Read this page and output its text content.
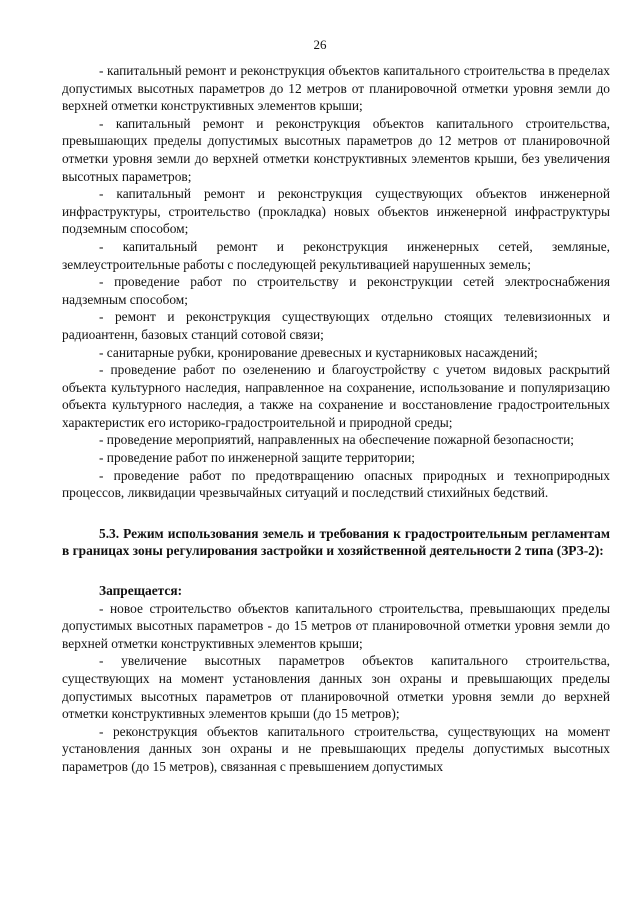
26

- капитальный ремонт и реконструкция объектов капитального строительства в пределах допустимых высотных параметров до 12 метров от планировочной отметки уровня земли до верхней отметки конструктивных элементов крыши;

- капитальный ремонт и реконструкция объектов капитального строительства, превышающих пределы допустимых высотных параметров до 12 метров от планировочной отметки уровня земли до верхней отметки конструктивных элементов крыши, без увеличения высотных параметров;

- капитальный ремонт и реконструкция существующих объектов инженерной инфраструктуры, строительство (прокладка) новых объектов инженерной инфраструктуры подземным способом;

- капитальный ремонт и реконструкция инженерных сетей, земляные, землеустроительные работы с последующей рекультивацией нарушенных земель;

- проведение работ по строительству и реконструкции сетей электроснабжения надземным способом;

- ремонт и реконструкция существующих отдельно стоящих телевизионных и радиоантенн, базовых станций сотовой связи;

- санитарные рубки, кронирование древесных и кустарниковых насаждений;

- проведение работ по озеленению и благоустройству с учетом видовых раскрытий объекта культурного наследия, направленное на сохранение, использование и популяризацию объекта культурного наследия, а также на сохранение и восстановление градостроительных характеристик его историко-градостроительной и природной среды;

- проведение мероприятий, направленных на обеспечение пожарной безопасности;

- проведение работ по инженерной защите территории;

- проведение работ по предотвращению опасных природных и техноприродных процессов, ликвидации чрезвычайных ситуаций и последствий стихийных бедствий.

5.3. Режим использования земель и требования к градостроительным регламентам в границах зоны регулирования застройки и хозяйственной деятельности 2 типа (ЗРЗ-2):

Запрещается:

- новое строительство объектов капитального строительства, превышающих пределы допустимых высотных параметров - до 15 метров от планировочной отметки уровня земли до верхней отметки конструктивных элементов крыши;

- увеличение высотных параметров объектов капитального строительства, существующих на момент установления данных зон охраны и превышающих пределы допустимых высотных параметров от планировочной отметки уровня земли до верхней отметки конструктивных элементов крыши (до 15 метров);

- реконструкция объектов капитального строительства, существующих на момент установления данных зон охраны и не превышающих пределы допустимых высотных параметров (до 15 метров), связанная с превышением допустимых
